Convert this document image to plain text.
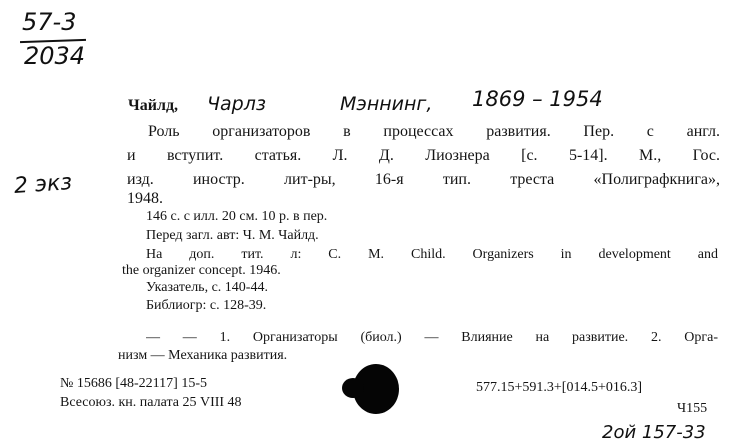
57-3
2034
Чайлд, Чарлз	Мэннинг, 1869 – 1954
2 экз
Роль организаторов в процессах развития. Пер. с англ.
и вступит. статья. Л. Д. Лиознера [с. 5-14]. М., Гос.
изд. иностр. лит-ры, 16-я тип. треста «Полиграфкнига»,
1948.
146 с. с илл. 20 см. 10 р. в пер.
Перед загл. авт: Ч. М. Чайлд.
На доп. тит. л: С. М. Child. Organizers in development and
the organizer concept. 1946.
Указатель, с. 140-44.
Библиогр: с. 128-39.
— — 1. Организаторы (биол.) — Влияние на развитие. 2. Орга-
низм — Механика развития.
№ 15686 [48-22117] 15-5
Всесоюз. кн. палата 25 VIII 48
577.15+591.3+[014.5+016.3]
Ч155
2ой 157-33
